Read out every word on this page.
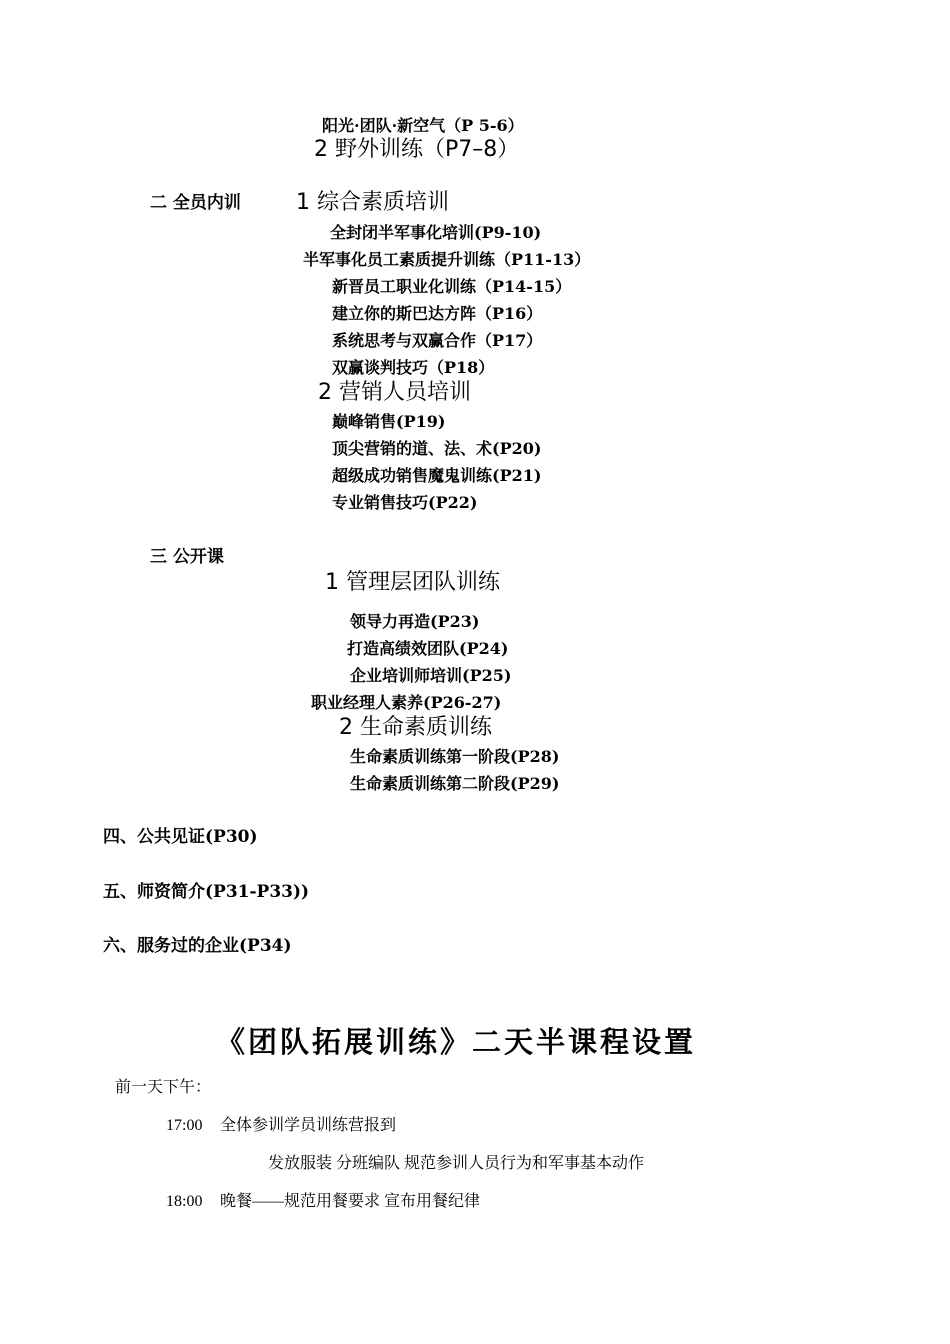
阳光·团队·新空气（P 5-6）
2 野外训练（P7–8）
二 全员内训	1 综合素质培训
全封闭半军事化培训(P9-10)
半军事化员工素质提升训练（P11-13）
新晋员工职业化训练（P14-15）
建立你的斯巴达方阵（P16）
系统思考与双赢合作（P17）
双赢谈判技巧（P18）
2 营销人员培训
巅峰销售(P19)
顶尖营销的道、法、术(P20)
超级成功销售魔鬼训练(P21)
专业销售技巧(P22)
三 公开课
1 管理层团队训练
领导力再造(P23)
打造高绩效团队(P24)
企业培训师培训(P25)
职业经理人素养(P26-27)
2 生命素质训练
生命素质训练第一阶段(P28)
生命素质训练第二阶段(P29)
四、公共见证(P30)
五、师资简介(P31-P33))
六、服务过的企业(P34)
《团队拓展训练》二天半课程设置
前一天下午：
17:00 全体参训学员训练营报到
发放服装 分班编队 规范参训人员行为和军事基本动作
18:00 晚餐——规范用餐要求 宣布用餐纪律
